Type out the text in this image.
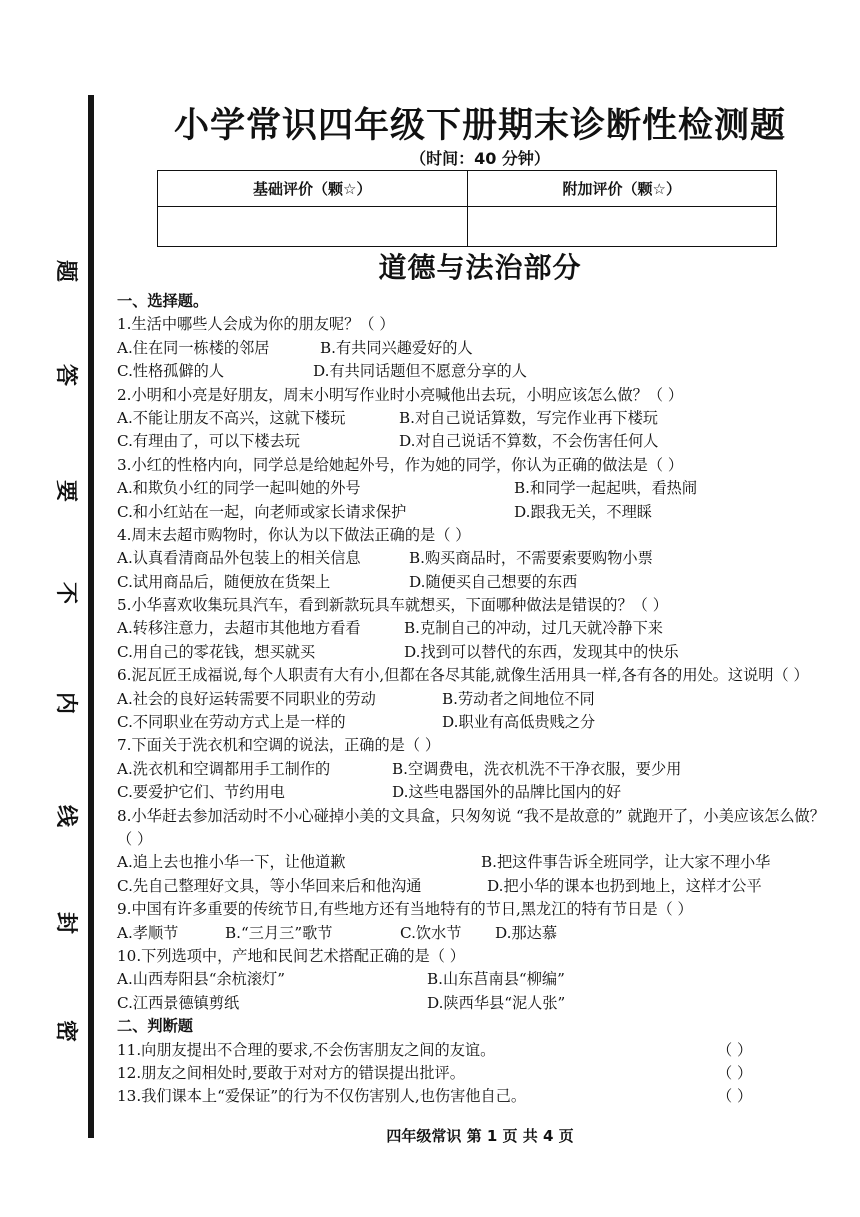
题
答
要
不
内
线
封
密
小学常识四年级下册期末诊断性检测题
（时间：40 分钟）
基础评价（颗☆）	附加评价（颗☆）

道德与法治部分
一、选择题。
1.生活中哪些人会成为你的朋友呢？（ ）
A.住在同一栋楼的邻居	B.有共同兴趣爱好的人
C.性格孤僻的人	D.有共同话题但不愿意分享的人
2.小明和小亮是好朋友，周末小明写作业时小亮喊他出去玩，小明应该怎么做？（ ）
A.不能让朋友不高兴，这就下楼玩	B.对自己说话算数，写完作业再下楼玩
C.有理由了，可以下楼去玩	D.对自己说话不算数，不会伤害任何人
3.小红的性格内向，同学总是给她起外号，作为她的同学，你认为正确的做法是（ ）
A.和欺负小红的同学一起叫她的外号	B.和同学一起起哄，看热闹
C.和小红站在一起，向老师或家长请求保护	D.跟我无关，不理睬
4.周末去超市购物时，你认为以下做法正确的是（ ）
A.认真看清商品外包装上的相关信息	B.购买商品时，不需要索要购物小票
C.试用商品后，随便放在货架上	D.随便买自己想要的东西
5.小华喜欢收集玩具汽车，看到新款玩具车就想买，下面哪种做法是错误的？（ ）
A.转移注意力，去超市其他地方看看	B.克制自己的冲动，过几天就冷静下来
C.用自己的零花钱，想买就买	D.找到可以替代的东西，发现其中的快乐
6.泥瓦匠王成福说,每个人职责有大有小,但都在各尽其能,就像生活用具一样,各有各的用处。这说明（ ）
A.社会的良好运转需要不同职业的劳动	B.劳动者之间地位不同
C.不同职业在劳动方式上是一样的	D.职业有高低贵贱之分
7.下面关于洗衣机和空调的说法，正确的是（ ）
A.洗衣机和空调都用手工制作的	B.空调费电，洗衣机洗不干净衣服，要少用
C.要爱护它们、节约用电	D.这些电器国外的品牌比国内的好
8.小华赶去参加活动时不小心碰掉小美的文具盒，只匆匆说 “我不是故意的” 就跑开了，小美应该怎么做？（ ）
A.追上去也推小华一下，让他道歉	B.把这件事告诉全班同学，让大家不理小华
C.先自己整理好文具，等小华回来后和他沟通	D.把小华的课本也扔到地上，这样才公平
9.中国有许多重要的传统节日,有些地方还有当地特有的节日,黑龙江的特有节日是（ ）
A.孝顺节	B.“三月三”歌节	C.饮水节 D.那达慕
10.下列选项中，产地和民间艺术搭配正确的是（ ）
A.山西寿阳县“余杭滚灯”	B.山东莒南县“柳编”
C.江西景德镇剪纸	D.陕西华县“泥人张”
二、判断题
11.向朋友提出不合理的要求,不会伤害朋友之间的友谊。	（ ）
12.朋友之间相处时,要敢于对对方的错误提出批评。	（ ）
13.我们课本上“爱保证”的行为不仅伤害别人,也伤害他自己。	（ ）
四年级常识 第 1 页 共 4 页
